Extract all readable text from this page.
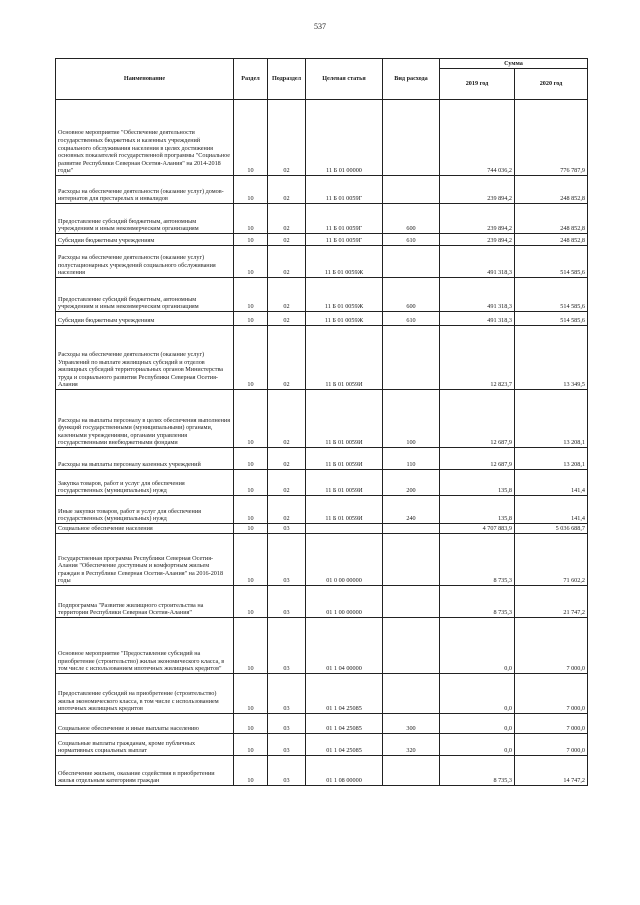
537
Наименование	Раздел	Подраздел	Целевая статья	Вид расхода	Сумма	
					2019 год	2020 год
Основное мероприятие "Обеспечение деятельности государственных бюджетных и казенных учреждений социального обслуживания населения в целях достижения основных показателей государственной программы "Социальное развитие Республики Северная Осетия-Алания" на 2014-2018 годы"	10	02	11 Б 01 00000		744 036,2	776 787,9
Расходы на обеспечение деятельности (оказание услуг) домов-интернатов для престарелых и инвалидов	10	02	11 Б 01 0059Г		239 894,2	248 852,8
Предоставление субсидий бюджетным, автономным учреждениям и иным некоммерческим организациям	10	02	11 Б 01 0059Г	600	239 894,2	248 852,8
Субсидии бюджетным учреждениям	10	02	11 Б 01 0059Г	610	239 894,2	248 852,8
Расходы на обеспечение деятельности (оказание услуг) полустационарных учреждений социального обслуживания населения	10	02	11 Б 01 0059Ж		491 318,3	514 585,6
Предоставление субсидий бюджетным, автономным учреждениям и иным некоммерческим организациям	10	02	11 Б 01 0059Ж	600	491 318,3	514 585,6
Субсидии бюджетным учреждениям	10	02	11 Б 01 0059Ж	610	491 318,3	514 585,6
Расходы на обеспечение деятельности (оказание услуг) Управлений по выплате жилищных субсидий и отделов жилищных субсидий территориальных органов Министерства труда и социального развития Республики Северная Осетия-Алания	10	02	11 Б 01 0059И		12 823,7	13 349,5
Расходы на выплаты персоналу в целях обеспечения выполнения функций государственными (муниципальными) органами, казенными учреждениями, органами управления государственными внебюджетными фондами	10	02	11 Б 01 0059И	100	12 687,9	13 208,1
Расходы на выплаты персоналу казенных учреждений	10	02	11 Б 01 0059И	110	12 687,9	13 208,1
Закупка товаров, работ и услуг для обеспечения государственных (муниципальных) нужд	10	02	11 Б 01 0059И	200	135,8	141,4
Иные закупки товаров, работ и услуг для обеспечения государственных (муниципальных) нужд	10	02	11 Б 01 0059И	240	135,8	141,4
Социальное обеспечение населения	10	03			4 707 883,9	5 036 688,7
Государственная программа Республики Северная Осетия-Алания "Обеспечение доступным и комфортным жильем граждан в Республике Северная Осетия-Алания" на 2016-2018 годы	10	03	01 0 00 00000		8 735,3	71 602,2
Подпрограмма "Развитие жилищного строительства на территории Республики Северная Осетия-Алания"	10	03	01 1 00 00000		8 735,3	21 747,2
Основное мероприятие "Предоставление субсидий на приобретение (строительство) жилья экономического класса, в том числе с использованием ипотечных жилищных кредитов"	10	03	01 1 04 00000		0,0	7 000,0
Предоставление субсидий на приобретение (строительство) жилья экономического класса, в том числе с использованием ипотечных жилищных кредитов	10	03	01 1 04 25085		0,0	7 000,0
Социальное обеспечение и иные выплаты населению	10	03	01 1 04 25085	300	0,0	7 000,0
Социальные выплаты гражданам, кроме публичных нормативных социальных выплат	10	03	01 1 04 25085	320	0,0	7 000,0
Обеспечение жильем, оказание содействия в приобретении жилья отдельным категориям граждан	10	03	01 1 08 00000		8 735,3	14 747,2
